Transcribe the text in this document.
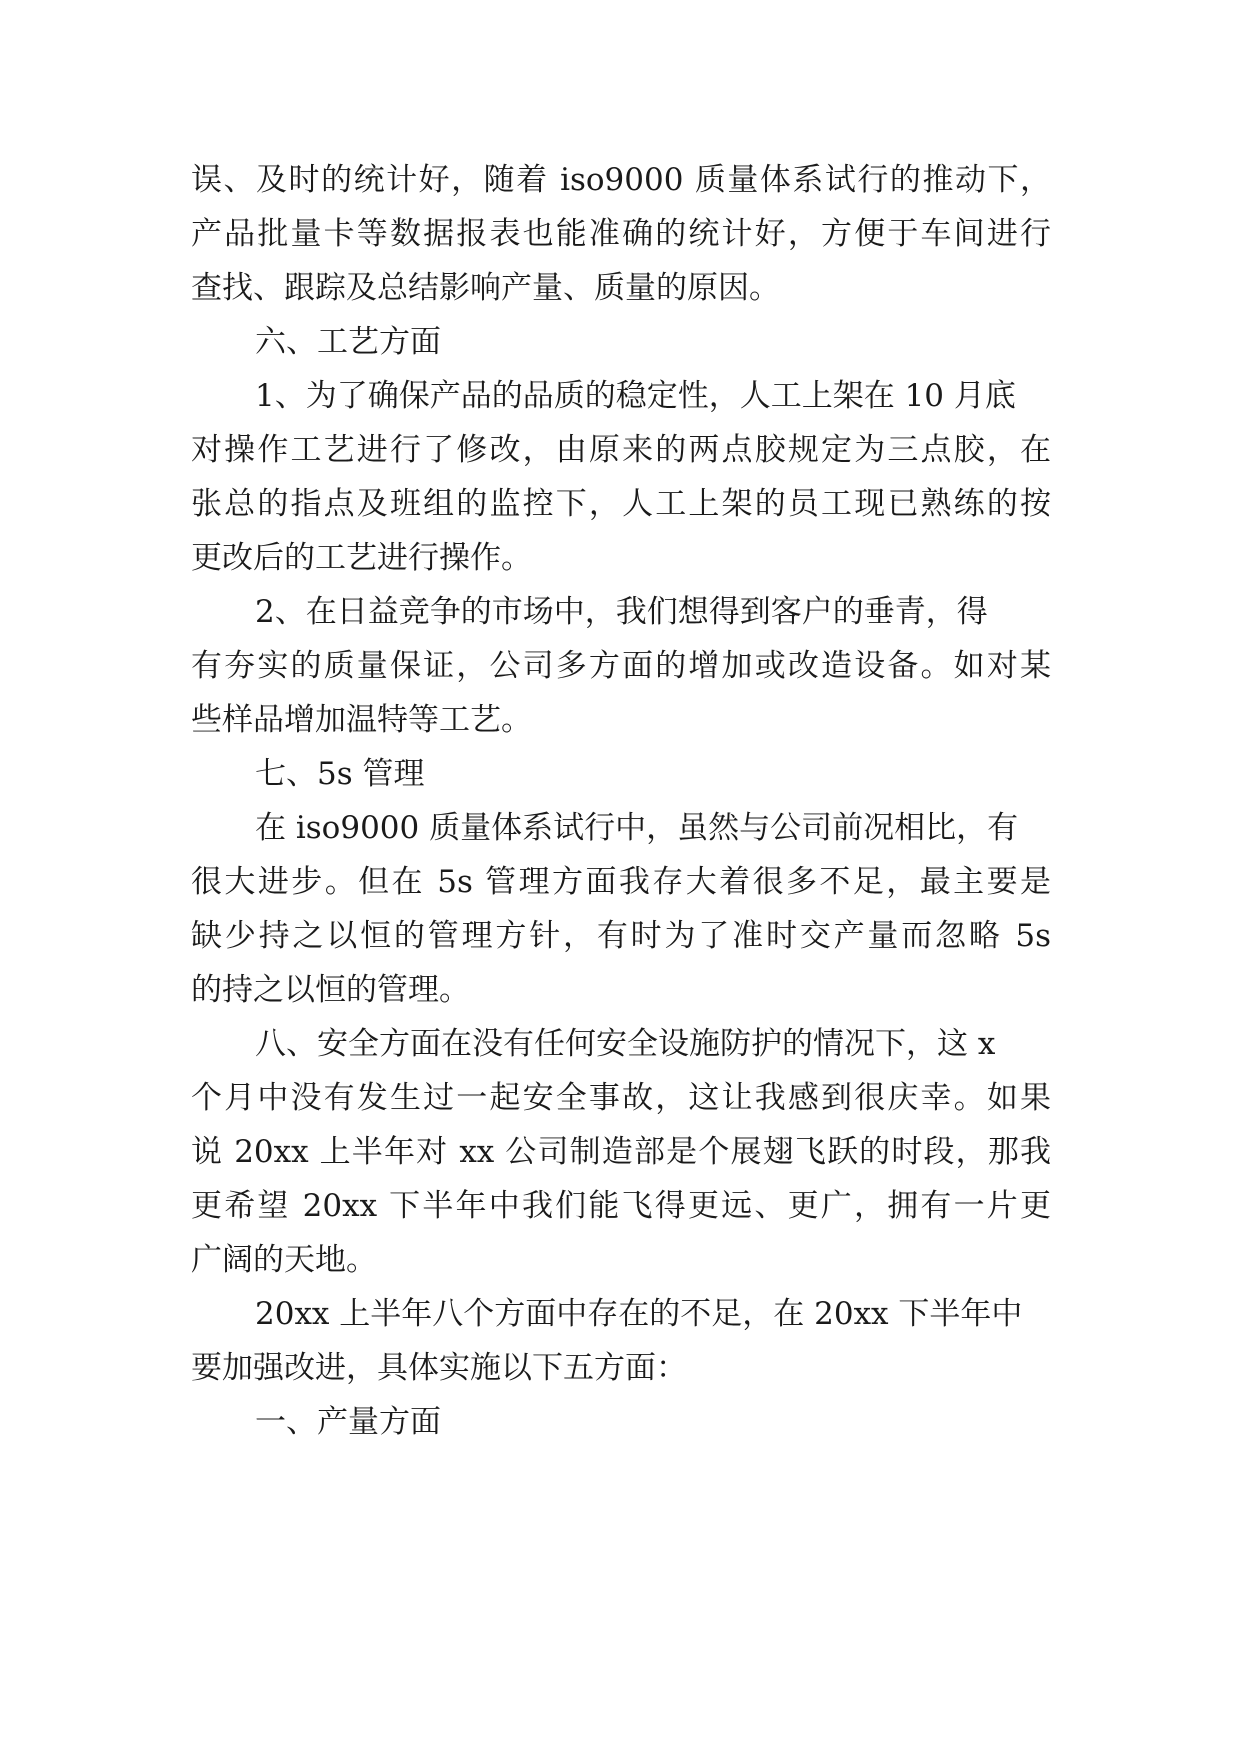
误、及时的统计好，随着 iso9000 质量体系试行的推动下，
产品批量卡等数据报表也能准确的统计好，方便于车间进行
查找、跟踪及总结影响产量、质量的原因。
六、工艺方面
1、为了确保产品的品质的稳定性，人工上架在 10 月底
对操作工艺进行了修改，由原来的两点胶规定为三点胶，在
张总的指点及班组的监控下，人工上架的员工现已熟练的按
更改后的工艺进行操作。
2、在日益竞争的市场中，我们想得到客户的垂青，得
有夯实的质量保证，公司多方面的增加或改造设备。如对某
些样品增加温特等工艺。
七、5s 管理
在 iso9000 质量体系试行中，虽然与公司前况相比，有
很大进步。但在 5s 管理方面我存大着很多不足，最主要是
缺少持之以恒的管理方针，有时为了准时交产量而忽略 5s
的持之以恒的管理。
八、安全方面在没有任何安全设施防护的情况下，这 x
个月中没有发生过一起安全事故，这让我感到很庆幸。如果
说 20xx 上半年对 xx 公司制造部是个展翅飞跃的时段，那我
更希望 20xx 下半年中我们能飞得更远、更广，拥有一片更
广阔的天地。
20xx 上半年八个方面中存在的不足，在 20xx 下半年中
要加强改进，具体实施以下五方面：
一、产量方面
